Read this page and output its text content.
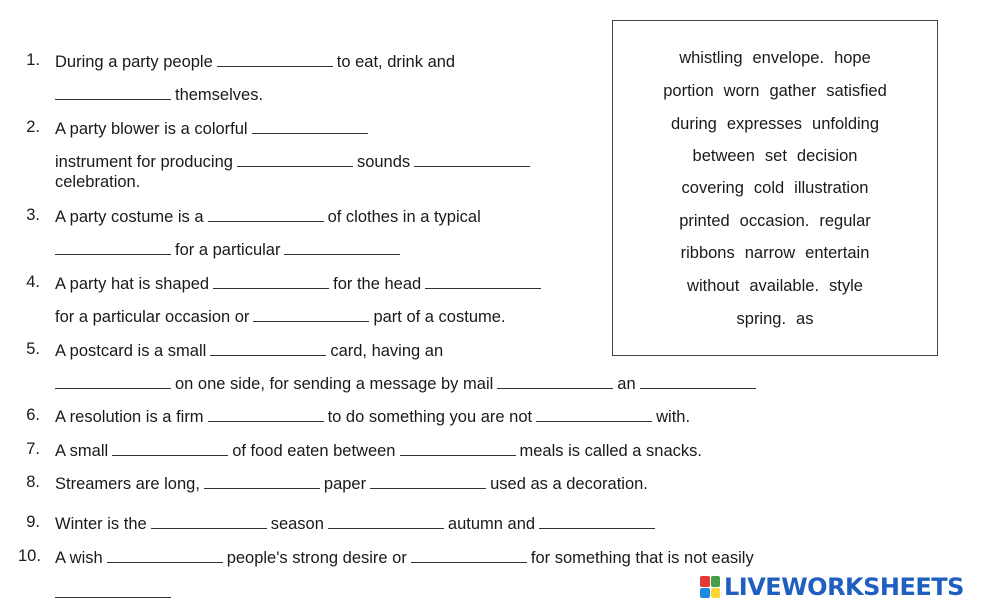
1. During a party people	to eat, drink and
themselves.
2. A party blower is a colorful
instrument for producing	sounds
celebration.
3. A party costume is a	of clothes in a typical
for a particular
4. A party hat is shaped	for the head
for a particular occasion or	part of a costume.
5. A postcard is a small	card, having an
on one side, for sending a message by mail	an
6. A resolution is a firm	to do something you are not	with.
7. A small	of food eaten between	meals is called a snacks.
8. Streamers are long,	paper	used as a decoration.
9. Winter is the	season	autumn and
10. A wish	people's strong desire or	for something that is not easily
whistling envelope. hope
portion worn gather satisfied
during expresses unfolding
between set decision
covering cold illustration
printed occasion. regular
ribbons narrow entertain
without available. style
spring. as
LIVEWORKSHEETS
